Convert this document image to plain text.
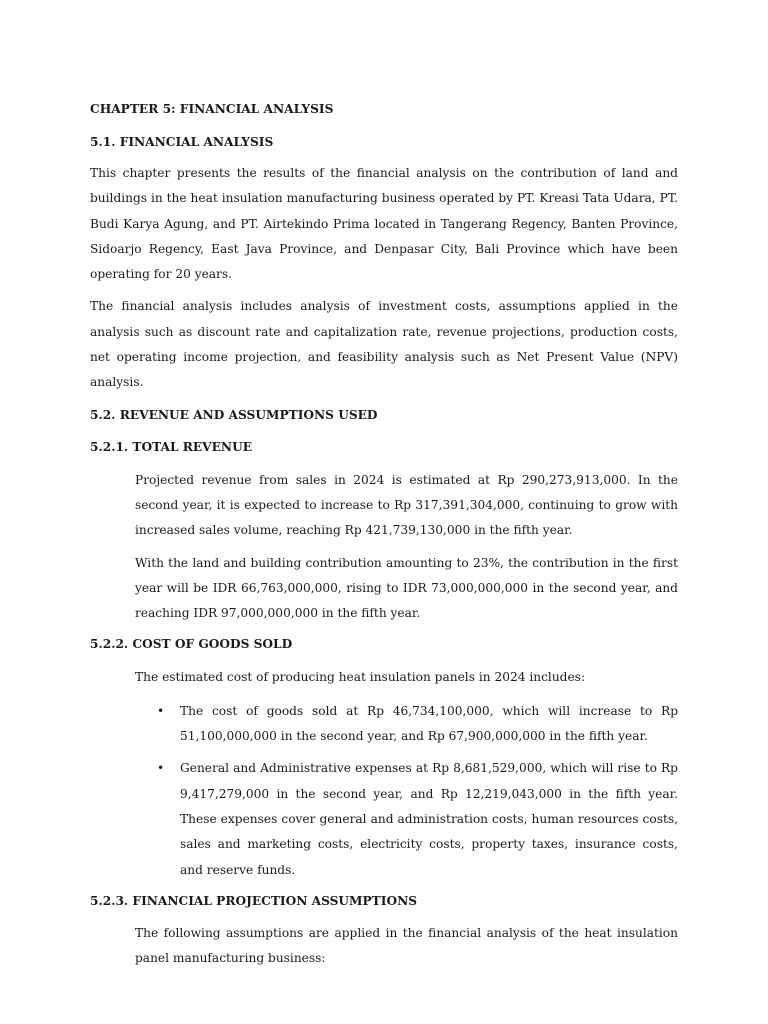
CHAPTER 5: FINANCIAL ANALYSIS

5.1. FINANCIAL ANALYSIS

This chapter presents the results of the financial analysis on the contribution of land and buildings in the heat insulation manufacturing business operated by PT. Kreasi Tata Udara, PT. Budi Karya Agung, and PT. Airtekindo Prima located in Tangerang Regency, Banten Province, Sidoarjo Regency, East Java Province, and Denpasar City, Bali Province which have been operating for 20 years.

The financial analysis includes analysis of investment costs, assumptions applied in the analysis such as discount rate and capitalization rate, revenue projections, production costs, net operating income projection, and feasibility analysis such as Net Present Value (NPV) analysis.

5.2. REVENUE AND ASSUMPTIONS USED

5.2.1. TOTAL REVENUE

Projected revenue from sales in 2024 is estimated at Rp 290,273,913,000. In the second year, it is expected to increase to Rp 317,391,304,000, continuing to grow with increased sales volume, reaching Rp 421,739,130,000 in the fifth year.

With the land and building contribution amounting to 23%, the contribution in the first year will be IDR 66,763,000,000, rising to IDR 73,000,000,000 in the second year, and reaching IDR 97,000,000,000 in the fifth year.

5.2.2. COST OF GOODS SOLD

The estimated cost of producing heat insulation panels in 2024 includes:

• The cost of goods sold at Rp 46,734,100,000, which will increase to Rp 51,100,000,000 in the second year, and Rp 67,900,000,000 in the fifth year.
• General and Administrative expenses at Rp 8,681,529,000, which will rise to Rp 9,417,279,000 in the second year, and Rp 12,219,043,000 in the fifth year. These expenses cover general and administration costs, human resources costs, sales and marketing costs, electricity costs, property taxes, insurance costs, and reserve funds.

5.2.3. FINANCIAL PROJECTION ASSUMPTIONS

The following assumptions are applied in the financial analysis of the heat insulation panel manufacturing business:
